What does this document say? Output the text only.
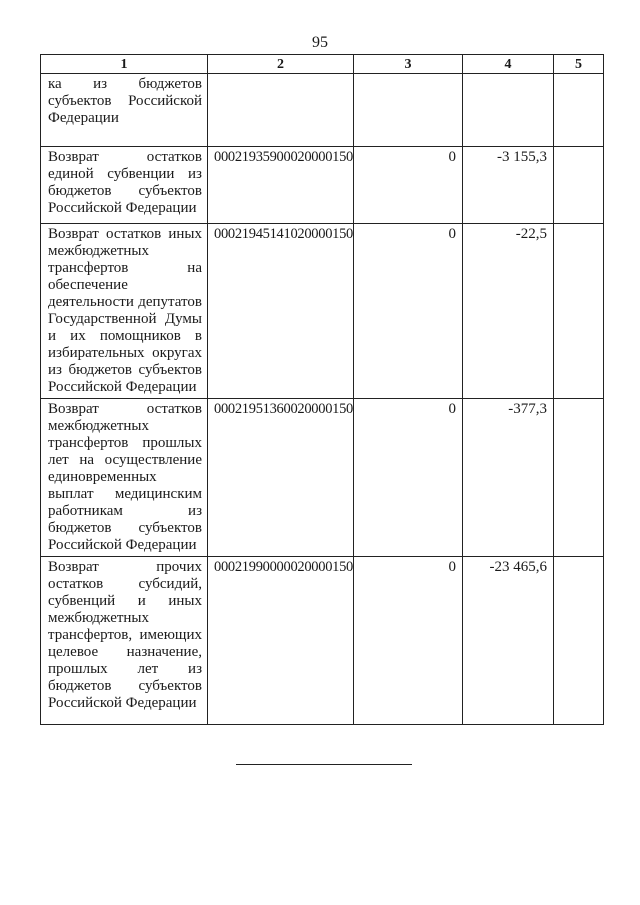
95
1	2	3	4	5
ка из бюджетов субъектов Российской Федерации				
Возврат остатков единой субвенции из бюджетов субъектов Российской Федерации	00021935900020000150	0	-3 155,3	
Возврат остатков иных межбюджетных трансфертов на обеспечение деятельности депутатов Государственной Думы и их помощников в избирательных округах из бюджетов субъектов Российской Федерации	00021945141020000150	0	-22,5	
Возврат остатков межбюджетных трансфертов прошлых лет на осуществление единовременных выплат медицинским работникам из бюджетов субъектов Российской Федерации	00021951360020000150	0	-377,3	
Возврат прочих остатков субсидий, субвенций и иных межбюджетных трансфертов, имеющих целевое назначение, прошлых лет из бюджетов субъектов Российской Федерации	00021990000020000150	0	-23 465,6	
